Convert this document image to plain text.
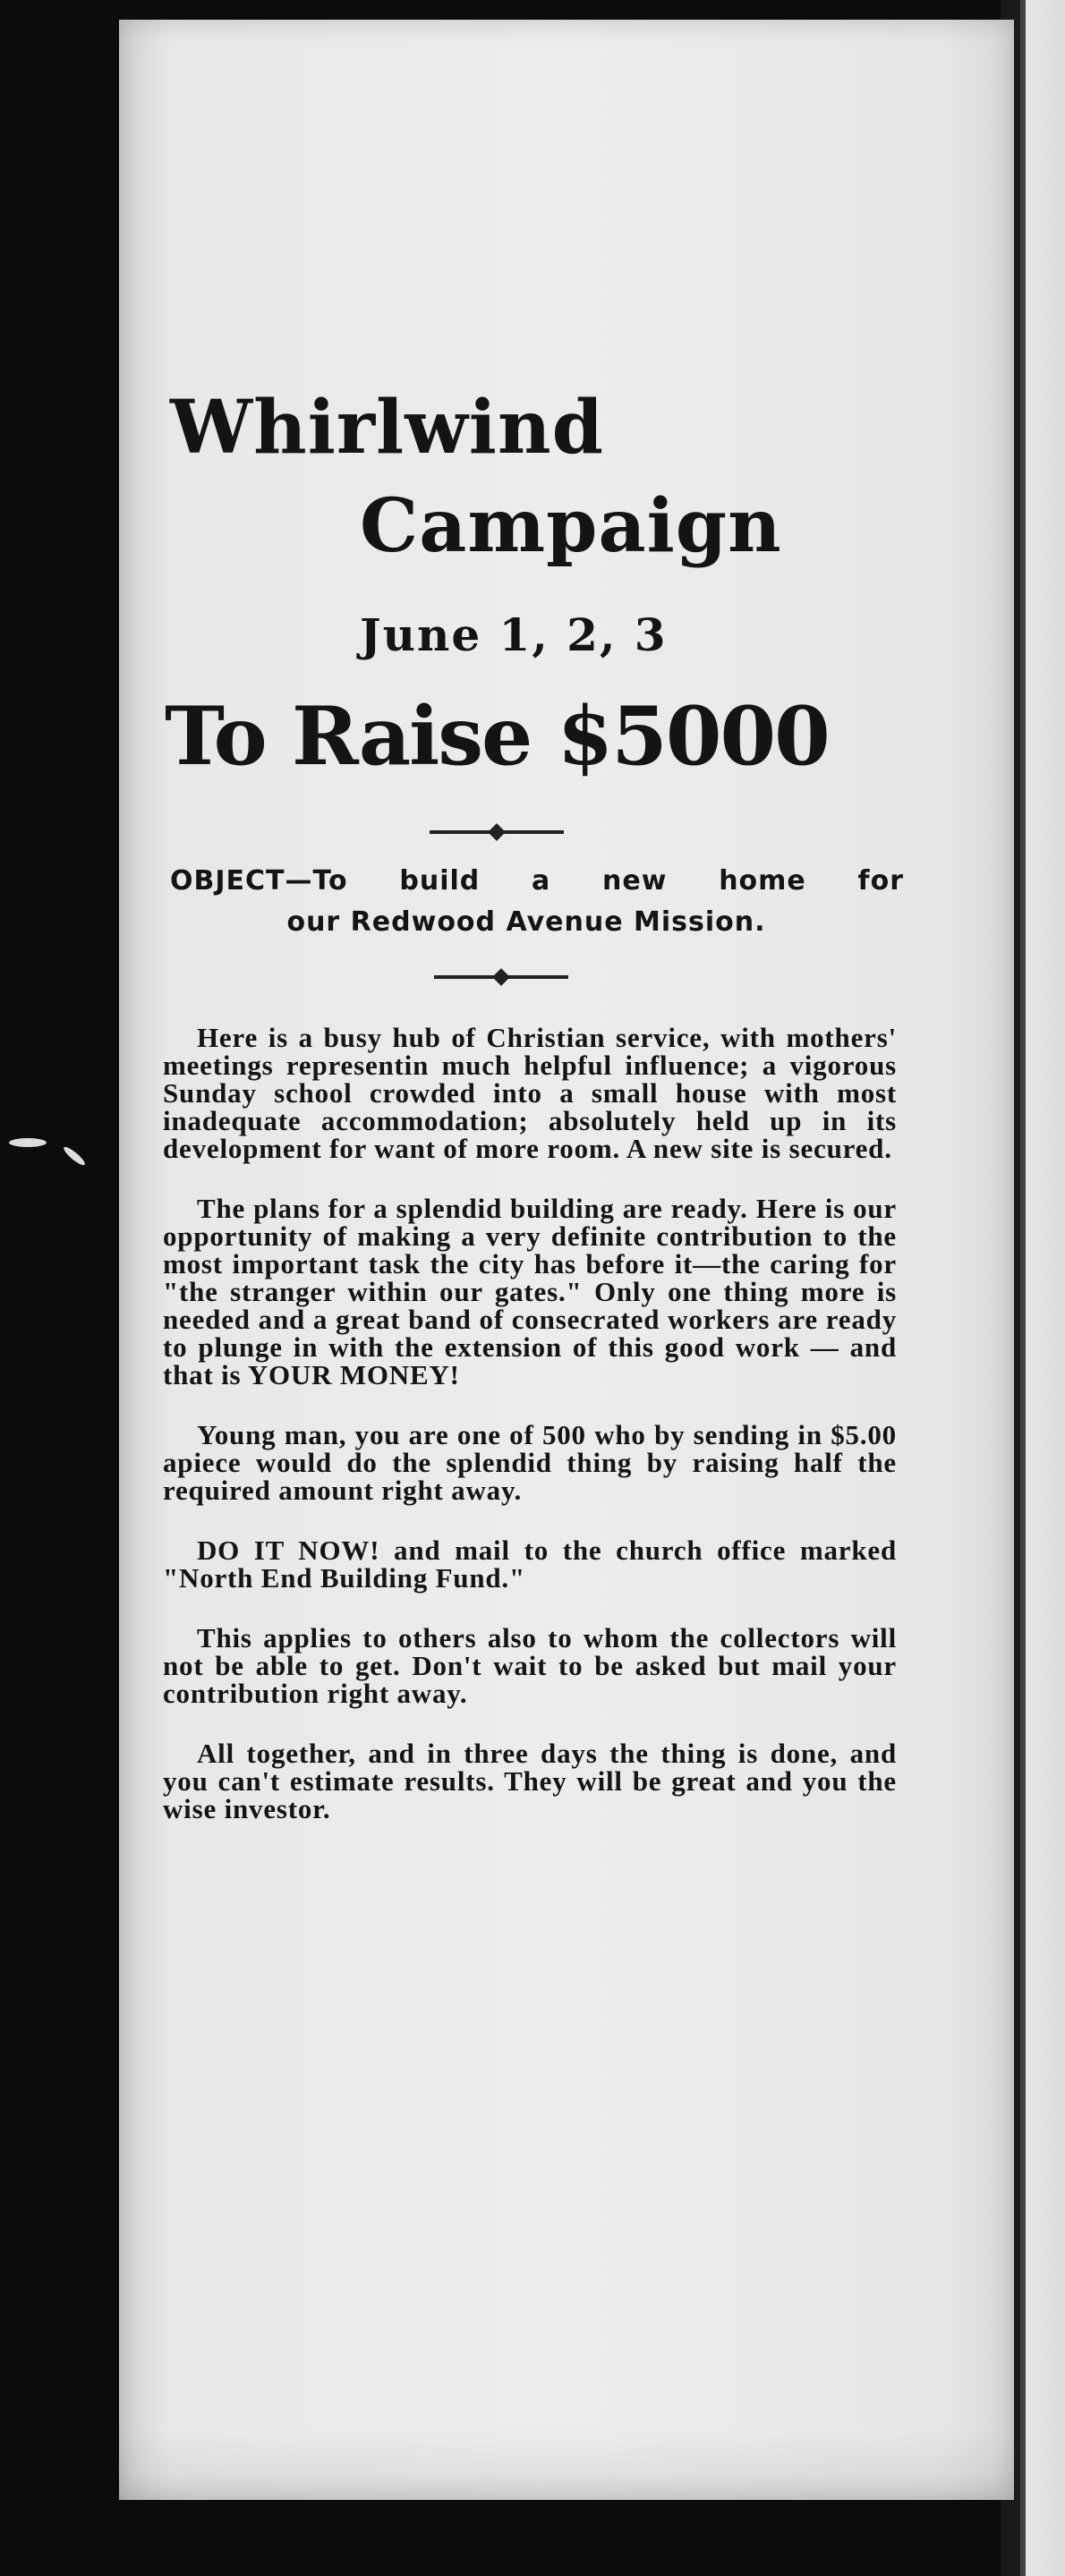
Whirlwind
Campaign
June 1, 2, 3
To Raise $5000
OBJECT—To build a new home for
our Redwood Avenue Mission.

Here is a busy hub of Christian service, with mothers' meetings representin much helpful influence; a vigorous Sunday school crowded into a small house with most inadequate accommodation; absolutely held up in its development for want of more room. A new site is secured.

The plans for a splendid building are ready. Here is our opportunity of making a very definite contribution to the most important task the city has before it—the caring for "the stranger within our gates." Only one thing more is needed and a great band of consecrated workers are ready to plunge in with the extension of this good work — and that is YOUR MONEY!

Young man, you are one of 500 who by sending in $5.00 apiece would do the splendid thing by raising half the required amount right away.

DO IT NOW! and mail to the church office marked "North End Building Fund."

This applies to others also to whom the collectors will not be able to get. Don't wait to be asked but mail your contribution right away.

All together, and in three days the thing is done, and you can't estimate results. They will be great and you the wise investor.
